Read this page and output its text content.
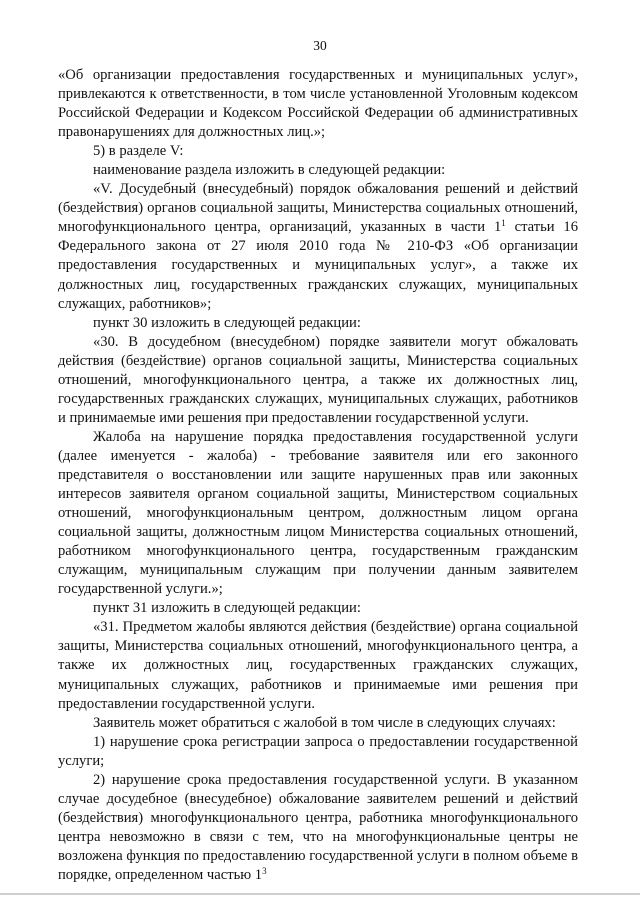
30

«Об организации предоставления государственных и муниципальных услуг», привлекаются к ответственности, в том числе установленной Уголовным кодексом Российской Федерации и Кодексом Российской Федерации об административных правонарушениях для должностных лиц.»;

5) в разделе V:

наименование раздела изложить в следующей редакции:

«V. Досудебный (внесудебный) порядок обжалования решений и действий (бездействия) органов социальной защиты, Министерства социальных отношений, многофункционального центра, организаций, указанных в части $1^1$ статьи 16 Федерального закона от 27 июля 2010 года № 210-ФЗ «Об организации предоставления государственных и муниципальных услуг», а также их должностных лиц, государственных гражданских служащих, муниципальных служащих, работников»;

пункт 30 изложить в следующей редакции:

«30. В досудебном (внесудебном) порядке заявители могут обжаловать действия (бездействие) органов социальной защиты, Министерства социальных отношений, многофункционального центра, а также их должностных лиц, государственных гражданских служащих, муниципальных служащих, работников и принимаемые ими решения при предоставлении государственной услуги.

Жалоба на нарушение порядка предоставления государственной услуги (далее именуется - жалоба) - требование заявителя или его законного представителя о восстановлении или защите нарушенных прав или законных интересов заявителя органом социальной защиты, Министерством социальных отношений, многофункциональным центром, должностным лицом органа социальной защиты, должностным лицом Министерства социальных отношений, работником многофункционального центра, государственным гражданским служащим, муниципальным служащим при получении данным заявителем государственной услуги.»;

пункт 31 изложить в следующей редакции:

«31. Предметом жалобы являются действия (бездействие) органа социальной защиты, Министерства социальных отношений, многофункционального центра, а также их должностных лиц, государственных гражданских служащих, муниципальных служащих, работников и принимаемые ими решения при предоставлении государственной услуги.

Заявитель может обратиться с жалобой в том числе в следующих случаях:

1) нарушение срока регистрации запроса о предоставлении государственной услуги;

2) нарушение срока предоставления государственной услуги. В указанном случае досудебное (внесудебное) обжалование заявителем решений и действий (бездействия) многофункционального центра, работника многофункционального центра невозможно в связи с тем, что на многофункциональные центры не возложена функция по предоставлению государственной услуги в полном объеме в порядке, определенном частью $1^3$
